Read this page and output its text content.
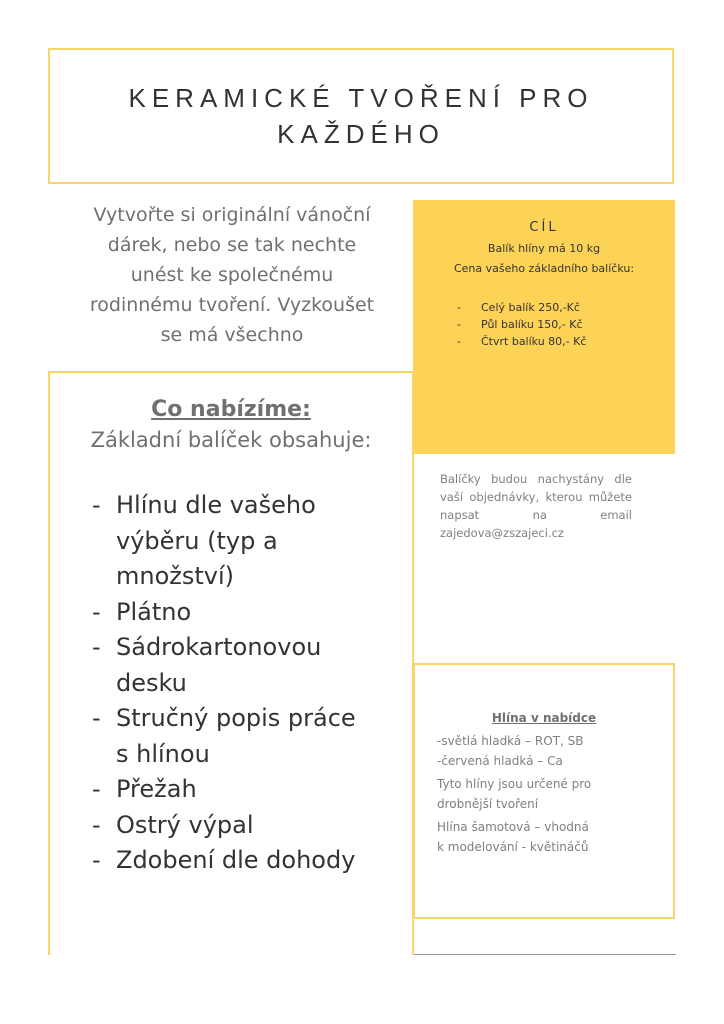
KERAMICKÉ TVOŘENÍ PRO
KAŽDÉHO
Vytvořte si originální vánoční
dárek, nebo se tak nechte
unést ke společnému
rodinnému tvoření. Vyzkoušet
se má všechno
CÍL
Balík hlíny má 10 kg
Cena vašeho základního balíčku:
- Celý balík 250,-Kč
- Půl balíku 150,- Kč
- Čtvrt balíku 80,- Kč
Co nabízíme:
Základní balíček obsahuje:
- Hlínu dle vašeho
výběru (typ a
množství)
- Plátno
- Sádrokartonovou
desku
- Stručný popis práce
s hlínou
- Přežah
- Ostrý výpal
- Zdobení dle dohody
Balíčky budou nachystány dle vaší objednávky, kterou můžete napsat na email zajedova@zszajeci.cz
Hlína v nabídce
-světlá hladká – ROT, SB
-červená hladká – Ca
Tyto hlíny jsou určené pro
drobnější tvoření
Hlína šamotová – vhodná
k modelování - květináčů
